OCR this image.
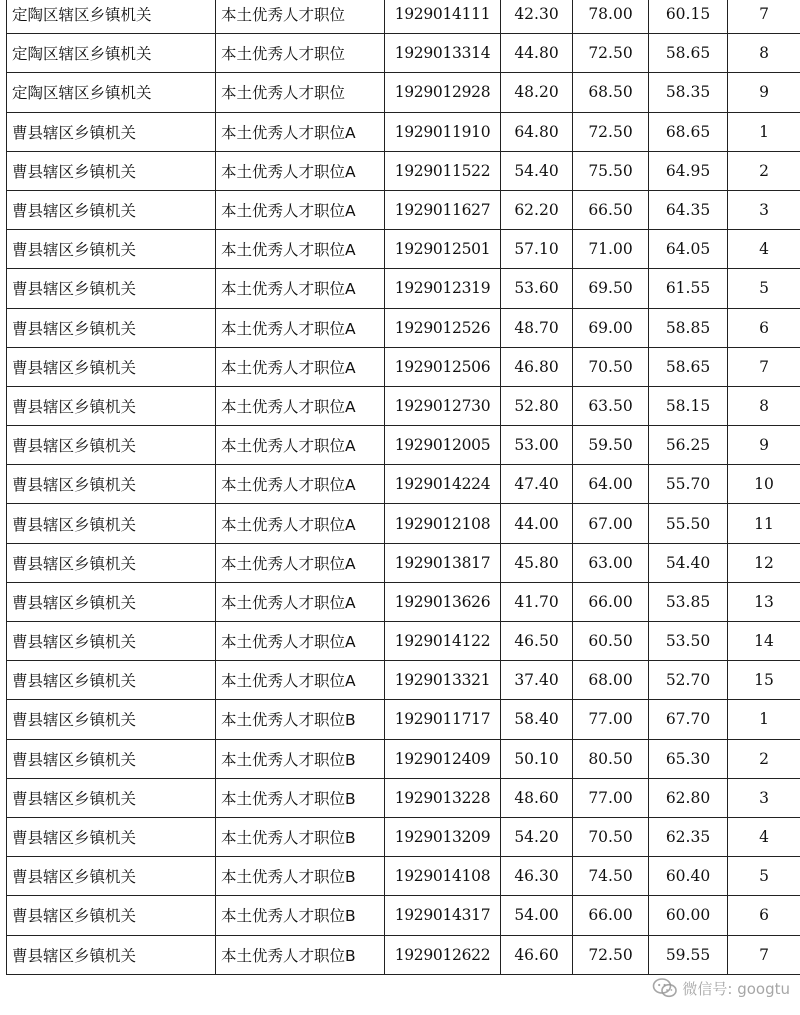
定陶区辖区乡镇机关	本土优秀人才职位	1929014111	42.30	78.00	60.15	7
定陶区辖区乡镇机关	本土优秀人才职位	1929013314	44.80	72.50	58.65	8
定陶区辖区乡镇机关	本土优秀人才职位	1929012928	48.20	68.50	58.35	9
曹县辖区乡镇机关	本土优秀人才职位A	1929011910	64.80	72.50	68.65	1
曹县辖区乡镇机关	本土优秀人才职位A	1929011522	54.40	75.50	64.95	2
曹县辖区乡镇机关	本土优秀人才职位A	1929011627	62.20	66.50	64.35	3
曹县辖区乡镇机关	本土优秀人才职位A	1929012501	57.10	71.00	64.05	4
曹县辖区乡镇机关	本土优秀人才职位A	1929012319	53.60	69.50	61.55	5
曹县辖区乡镇机关	本土优秀人才职位A	1929012526	48.70	69.00	58.85	6
曹县辖区乡镇机关	本土优秀人才职位A	1929012506	46.80	70.50	58.65	7
曹县辖区乡镇机关	本土优秀人才职位A	1929012730	52.80	63.50	58.15	8
曹县辖区乡镇机关	本土优秀人才职位A	1929012005	53.00	59.50	56.25	9
曹县辖区乡镇机关	本土优秀人才职位A	1929014224	47.40	64.00	55.70	10
曹县辖区乡镇机关	本土优秀人才职位A	1929012108	44.00	67.00	55.50	11
曹县辖区乡镇机关	本土优秀人才职位A	1929013817	45.80	63.00	54.40	12
曹县辖区乡镇机关	本土优秀人才职位A	1929013626	41.70	66.00	53.85	13
曹县辖区乡镇机关	本土优秀人才职位A	1929014122	46.50	60.50	53.50	14
曹县辖区乡镇机关	本土优秀人才职位A	1929013321	37.40	68.00	52.70	15
曹县辖区乡镇机关	本土优秀人才职位B	1929011717	58.40	77.00	67.70	1
曹县辖区乡镇机关	本土优秀人才职位B	1929012409	50.10	80.50	65.30	2
曹县辖区乡镇机关	本土优秀人才职位B	1929013228	48.60	77.00	62.80	3
曹县辖区乡镇机关	本土优秀人才职位B	1929013209	54.20	70.50	62.35	4
曹县辖区乡镇机关	本土优秀人才职位B	1929014108	46.30	74.50	60.40	5
曹县辖区乡镇机关	本土优秀人才职位B	1929014317	54.00	66.00	60.00	6
曹县辖区乡镇机关	本土优秀人才职位B	1929012622	46.60	72.50	59.55	7
微信号: googtu
